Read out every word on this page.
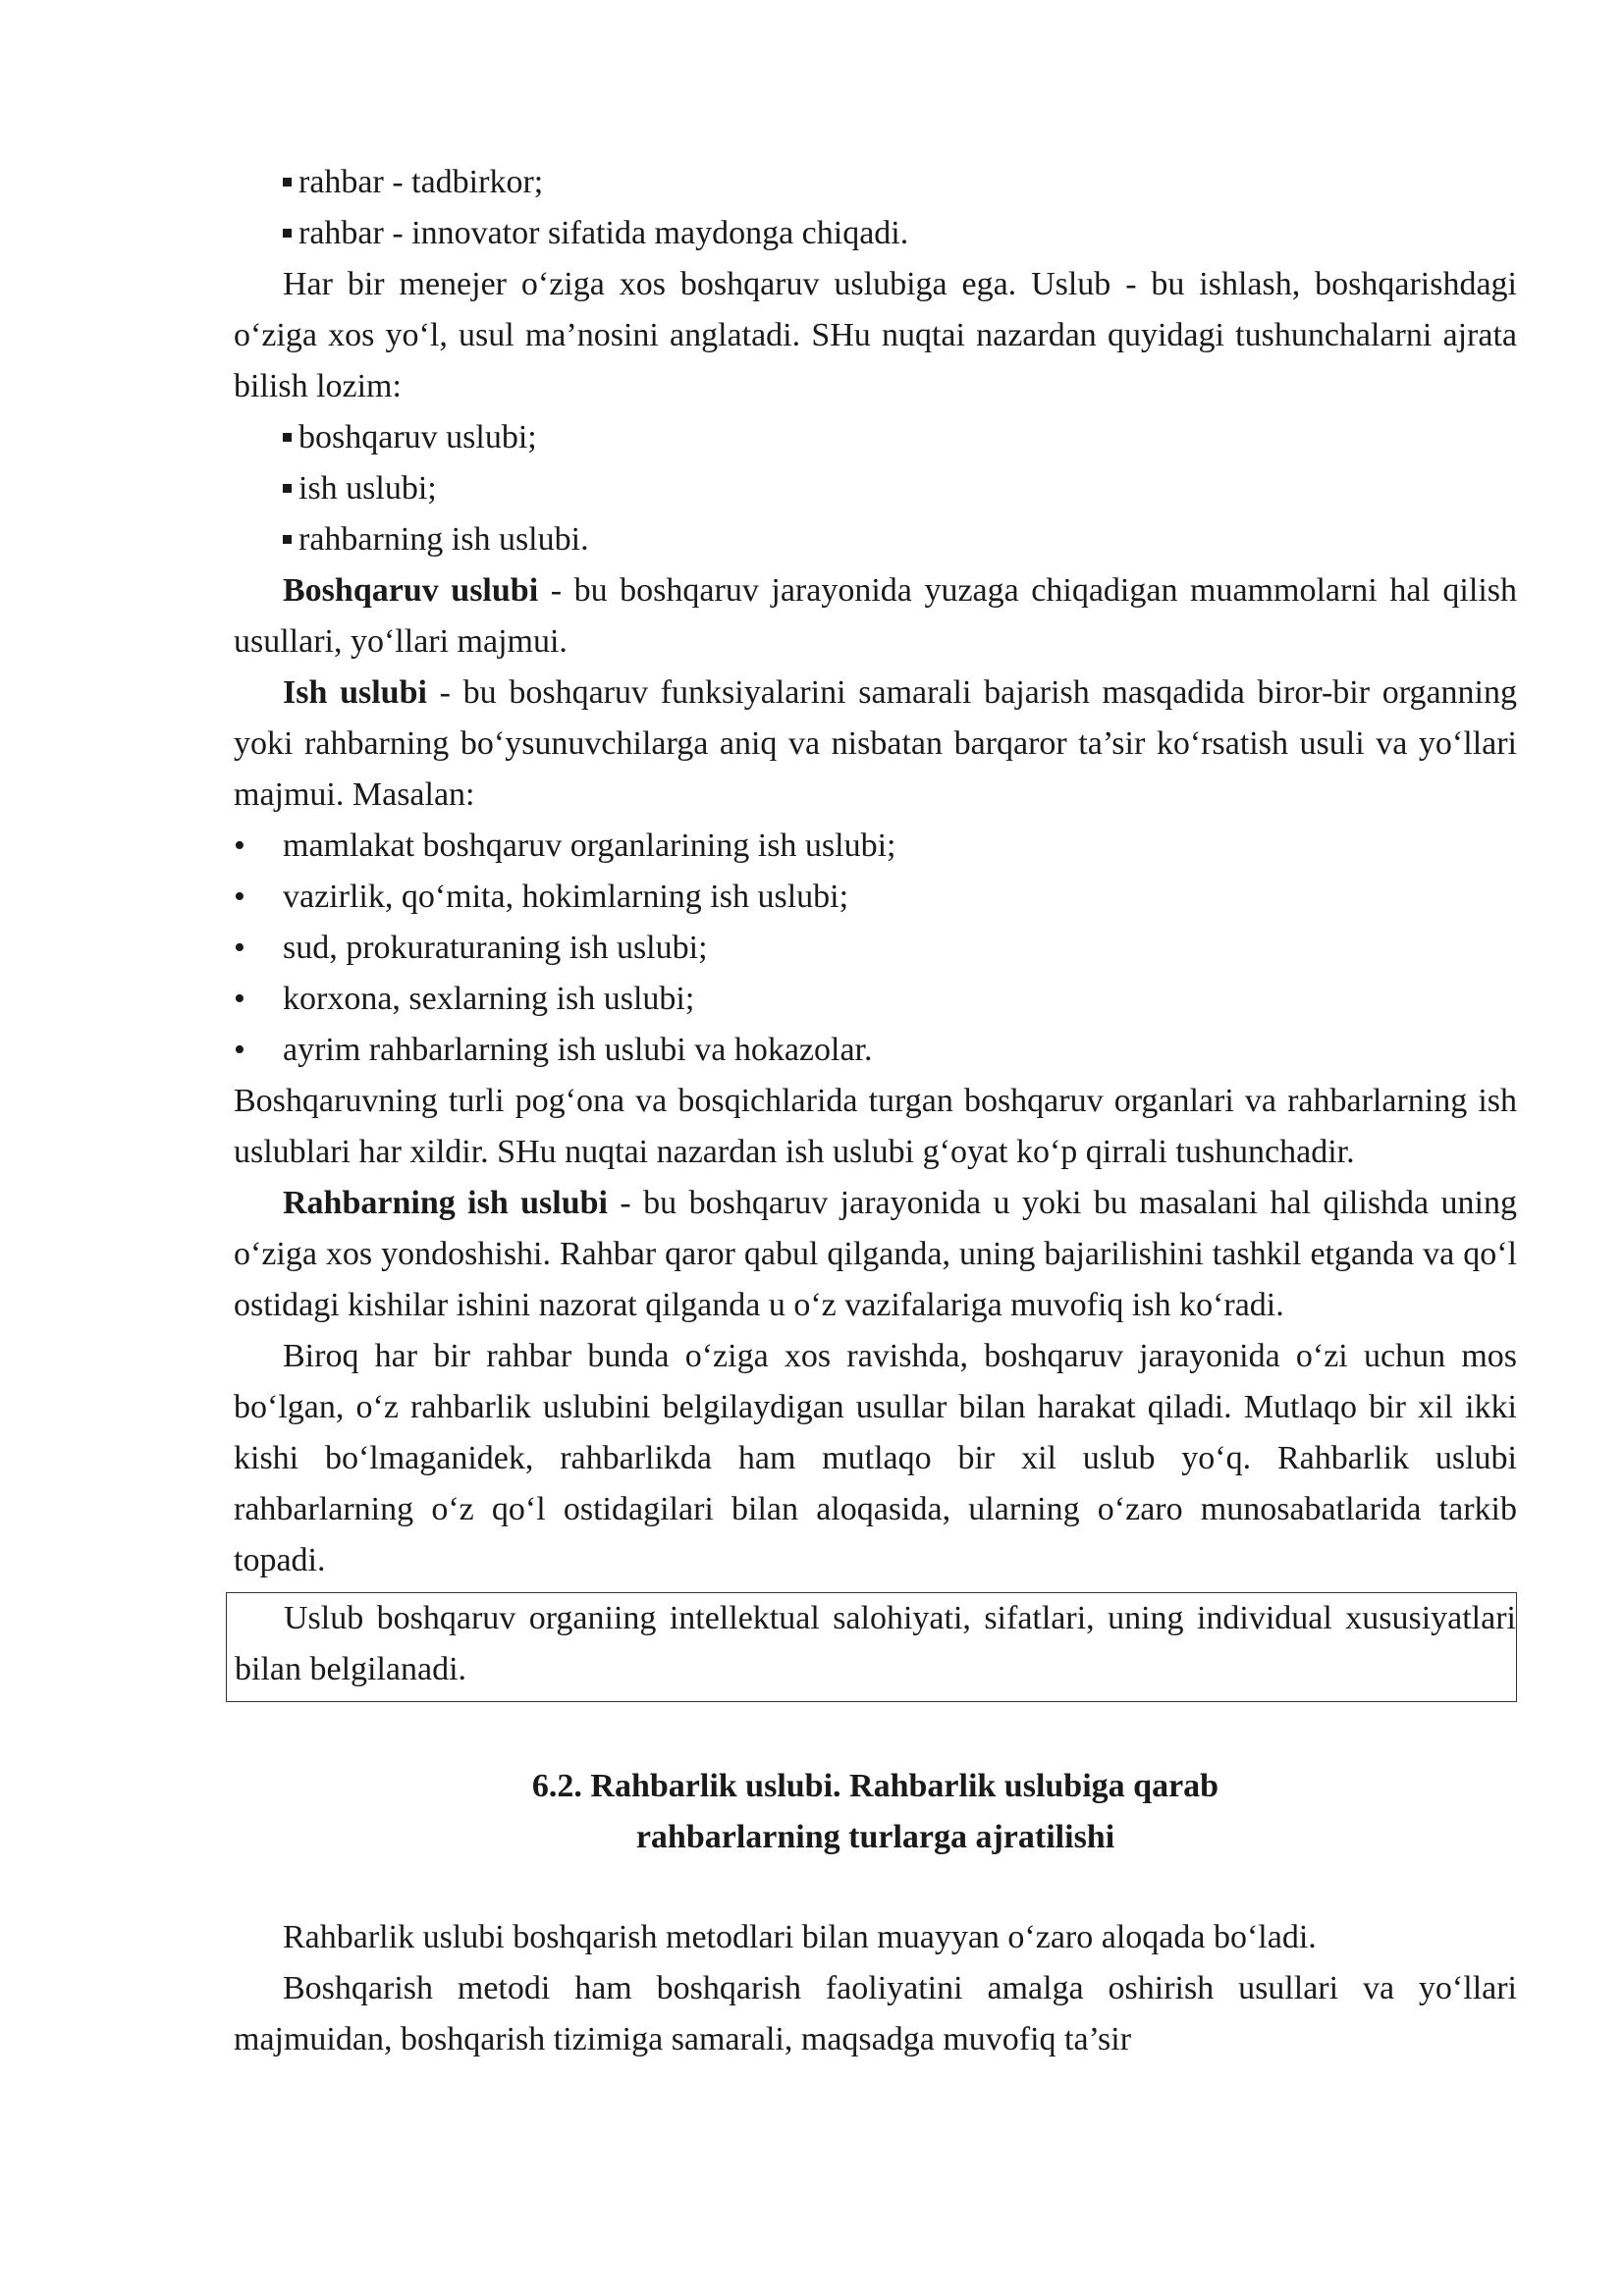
rahbar - tadbirkor;

rahbar - innovator sifatida maydonga chiqadi.

Har bir menejer o‘ziga xos boshqaruv uslubiga ega. Uslub - bu ishlash, boshqarishdagi o‘ziga xos yo‘l, usul ma’nosini anglatadi. SHu nuqtai nazardan quyidagi tushunchalarni ajrata bilish lozim:

boshqaruv uslubi;

ish uslubi;

rahbarning ish uslubi.

Boshqaruv uslubi - bu boshqaruv jarayonida yuzaga chiqadigan muammolarni hal qilish usullari, yo‘llari majmui.

Ish uslubi - bu boshqaruv funksiyalarini samarali bajarish masqadida biror-bir organning yoki rahbarning bo‘ysunuvchilarga aniq va nisbatan barqaror ta’sir ko‘rsatish usuli va yo‘llari majmui. Masalan:

• mamlakat boshqaruv organlarining ish uslubi;

• vazirlik, qo‘mita, hokimlarning ish uslubi;

• sud, prokuraturaning ish uslubi;

• korxona, sexlarning ish uslubi;

• ayrim rahbarlarning ish uslubi va hokazolar.

Boshqaruvning turli pog‘ona va bosqichlarida turgan boshqaruv organlari va rahbarlarning ish uslublari har xildir. SHu nuqtai nazardan ish uslubi g‘oyat ko‘p qirrali tushunchadir.

Rahbarning ish uslubi - bu boshqaruv jarayonida u yoki bu masalani hal qilishda uning o‘ziga xos yondoshishi. Rahbar qaror qabul qilganda, uning bajarilishini tashkil etganda va qo‘l ostidagi kishilar ishini nazorat qilganda u o‘z vazifalariga muvofiq ish ko‘radi.

Biroq har bir rahbar bunda o‘ziga xos ravishda, boshqaruv jarayonida o‘zi uchun mos bo‘lgan, o‘z rahbarlik uslubini belgilaydigan usullar bilan harakat qiladi. Mutlaqo bir xil ikki kishi bo‘lmaganidek, rahbarlikda ham mutlaqo bir xil uslub yo‘q. Rahbarlik uslubi rahbarlarning o‘z qo‘l ostidagilari bilan aloqasida, ularning o‘zaro munosabatlarida tarkib topadi.

Uslub boshqaruv organiing intellektual salohiyati, sifatlari, uning individual xususiyatlari bilan belgilanadi.

6.2. Rahbarlik uslubi. Rahbarlik uslubiga qarab
rahbarlarning turlarga ajratilishi

Rahbarlik uslubi boshqarish metodlari bilan muayyan o‘zaro aloqada bo‘ladi.

Boshqarish metodi ham boshqarish faoliyatini amalga oshirish usullari va yo‘llari majmuidan, boshqarish tizimiga samarali, maqsadga muvofiq ta’sir
